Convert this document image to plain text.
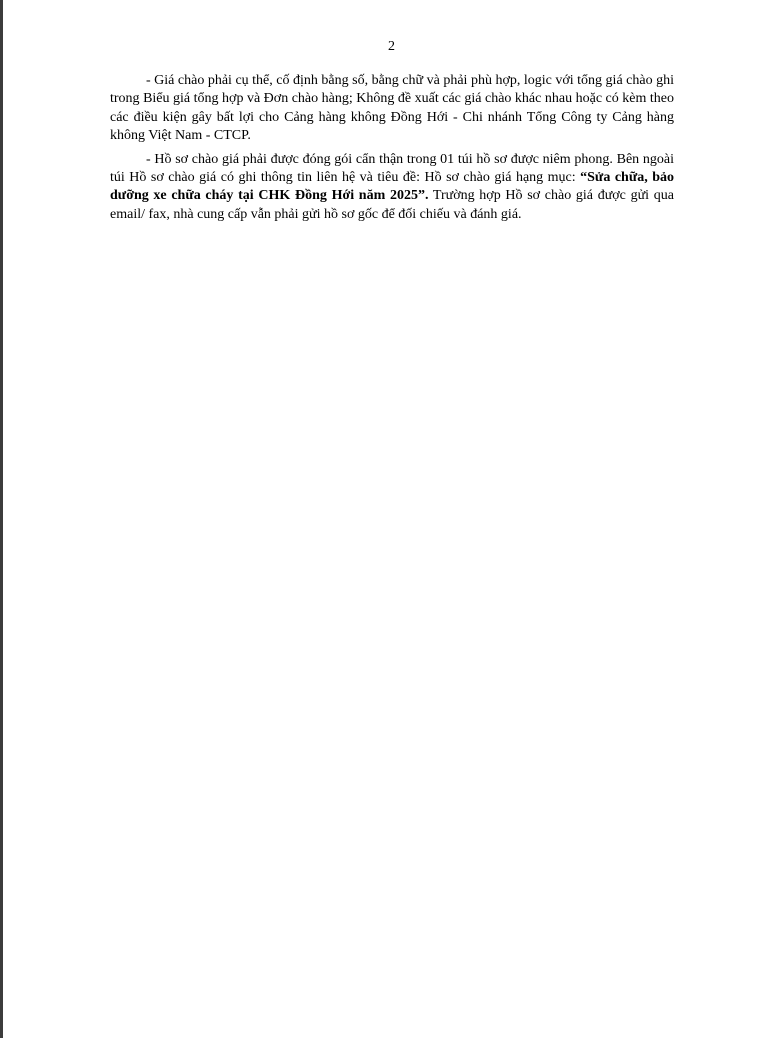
2

- Giá chào phải cụ thể, cố định bằng số, bằng chữ và phải phù hợp, logic với tổng giá chào ghi trong Biểu giá tổng hợp và Đơn chào hàng; Không đề xuất các giá chào khác nhau hoặc có kèm theo các điều kiện gây bất lợi cho Cảng hàng không Đồng Hới - Chi nhánh Tổng Công ty Cảng hàng không Việt Nam - CTCP.

- Hồ sơ chào giá phải được đóng gói cẩn thận trong 01 túi hồ sơ được niêm phong. Bên ngoài túi Hồ sơ chào giá có ghi thông tin liên hệ và tiêu đề: Hồ sơ chào giá hạng mục: “Sửa chữa, bảo dưỡng xe chữa cháy tại CHK Đồng Hới năm 2025”. Trường hợp Hồ sơ chào giá được gửi qua email/ fax, nhà cung cấp vẫn phải gửi hồ sơ gốc để đối chiếu và đánh giá.
